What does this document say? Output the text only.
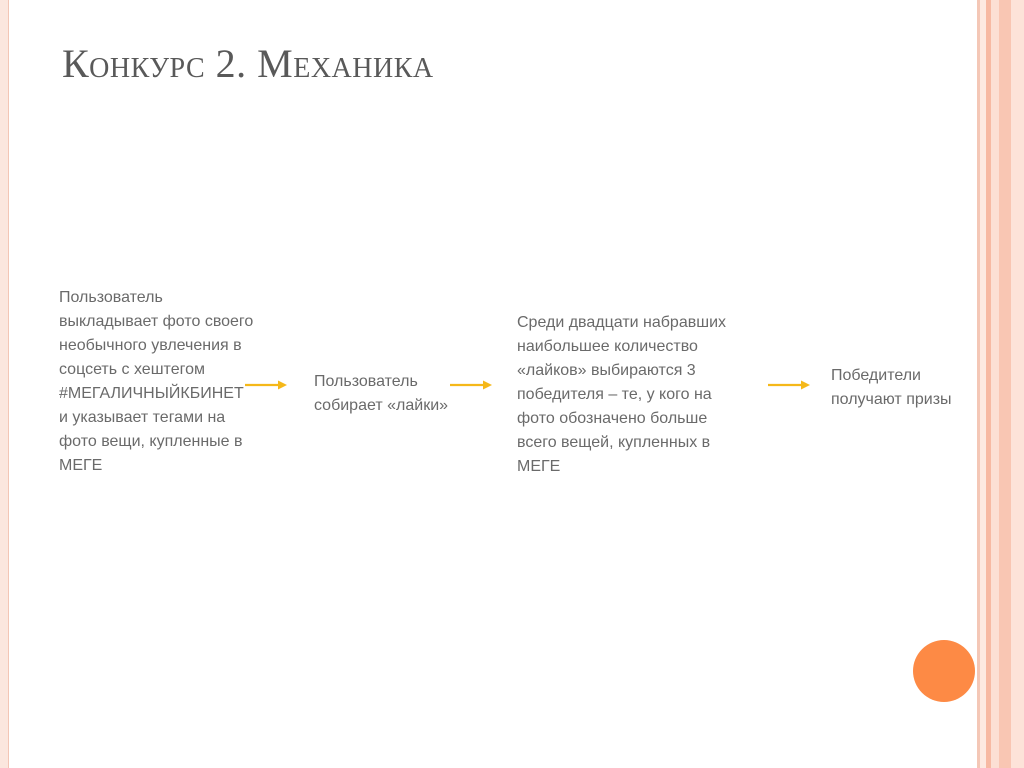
Конкурс 2. Механика

Пользователь выкладывает фото своего необычного увлечения в соцсеть с хештегом #МЕГАЛИЧНЫЙКБИНЕТ и указывает тегами на фото вещи, купленные в МЕГЕ

Пользователь собирает «лайки»

Среди двадцати набравших наибольшее количество «лайков» выбираются 3 победителя – те, у кого на фото обозначено больше всего вещей, купленных в МЕГЕ

Победители получают призы
